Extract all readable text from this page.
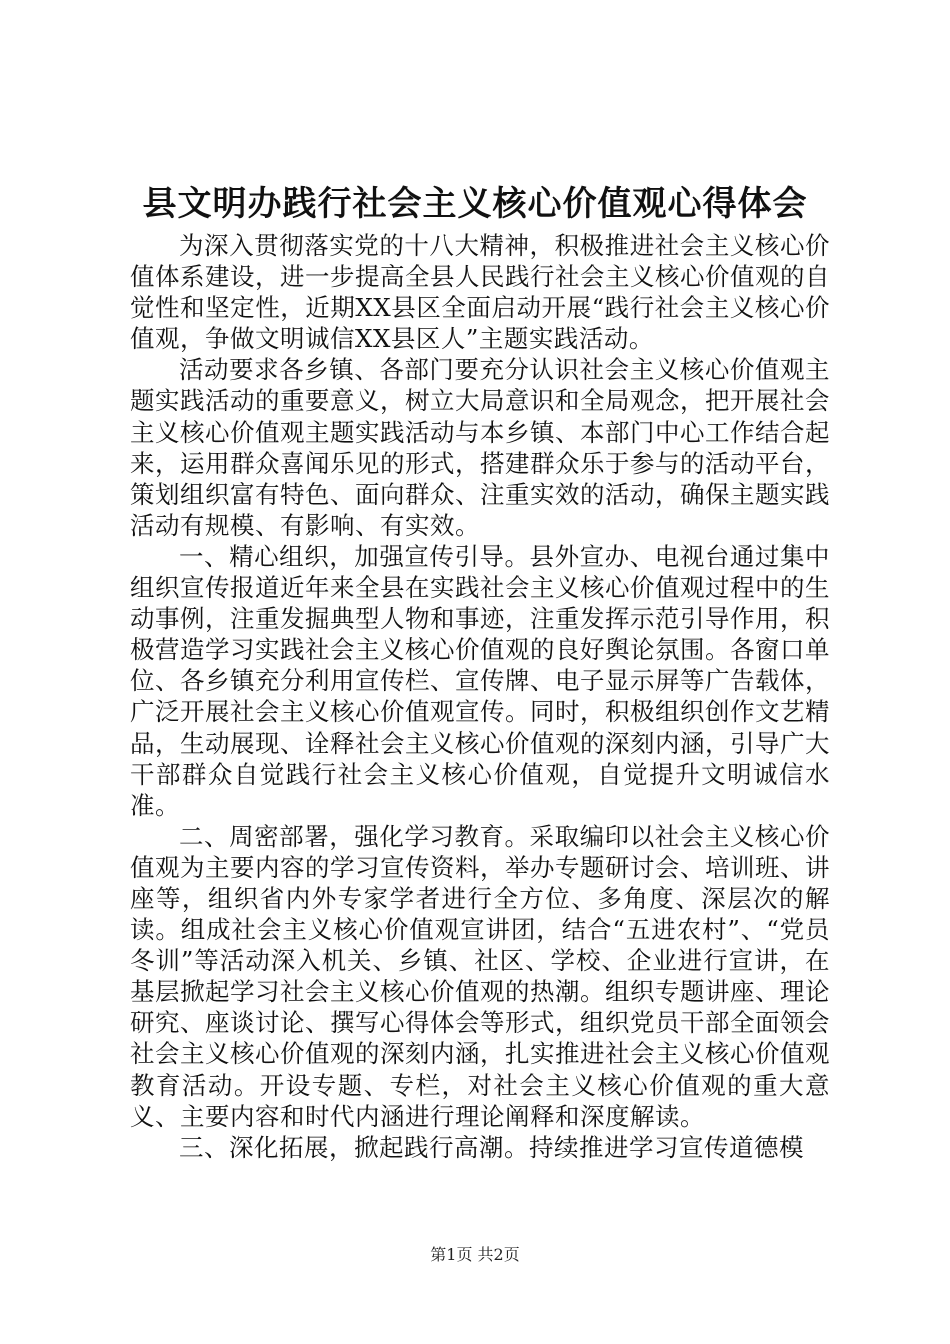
县文明办践行社会主义核心价值观心得体会

为深入贯彻落实党的十八大精神，积极推进社会主义核心价值体系建设，进一步提高全县人民践行社会主义核心价值观的自觉性和坚定性，近期XX县区全面启动开展“践行社会主义核心价值观，争做文明诚信XX县区人”主题实践活动。

活动要求各乡镇、各部门要充分认识社会主义核心价值观主题实践活动的重要意义，树立大局意识和全局观念，把开展社会主义核心价值观主题实践活动与本乡镇、本部门中心工作结合起来，运用群众喜闻乐见的形式，搭建群众乐于参与的活动平台，策划组织富有特色、面向群众、注重实效的活动，确保主题实践活动有规模、有影响、有实效。

一、精心组织，加强宣传引导。县外宣办、电视台通过集中组织宣传报道近年来全县在实践社会主义核心价值观过程中的生动事例，注重发掘典型人物和事迹，注重发挥示范引导作用，积极营造学习实践社会主义核心价值观的良好舆论氛围。各窗口单位、各乡镇充分利用宣传栏、宣传牌、电子显示屏等广告载体，广泛开展社会主义核心价值观宣传。同时，积极组织创作文艺精品，生动展现、诠释社会主义核心价值观的深刻内涵，引导广大干部群众自觉践行社会主义核心价值观，自觉提升文明诚信水准。

二、周密部署，强化学习教育。采取编印以社会主义核心价值观为主要内容的学习宣传资料，举办专题研讨会、培训班、讲座等，组织省内外专家学者进行全方位、多角度、深层次的解读。组成社会主义核心价值观宣讲团，结合“五进农村”、“党员冬训”等活动深入机关、乡镇、社区、学校、企业进行宣讲，在基层掀起学习社会主义核心价值观的热潮。组织专题讲座、理论研究、座谈讨论、撰写心得体会等形式，组织党员干部全面领会社会主义核心价值观的深刻内涵，扎实推进社会主义核心价值观教育活动。开设专题、专栏，对社会主义核心价值观的重大意义、主要内容和时代内涵进行理论阐释和深度解读。

三、深化拓展，掀起践行高潮。持续推进学习宣传道德模

第1页 共2页
